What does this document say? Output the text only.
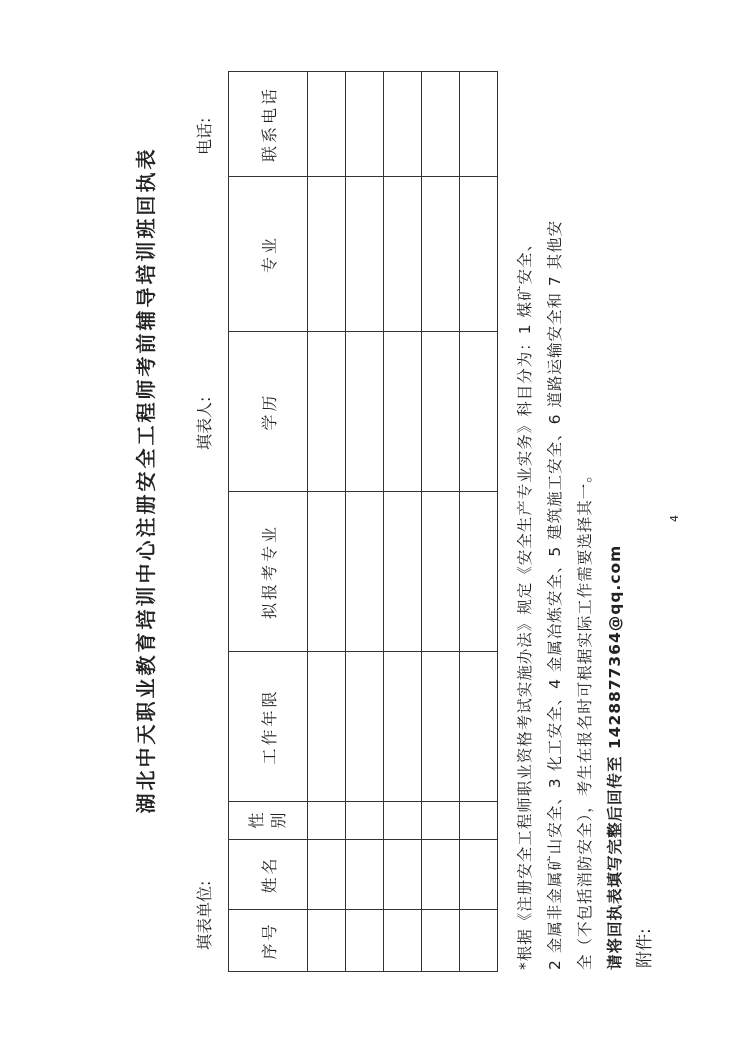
附件:
湖北中天职业教育培训中心注册安全工程师考前辅导培训班回执表
填表单位:
填表人:
电话:
序号	姓名	性 别	工作年限	拟报考专业	学历	专业	联系电话

*根据《注册安全工程师职业资格考试实施办法》规定《安全生产专业实务》科目分为：1 煤矿安全、 2 金属非金属矿山安全、3 化工安全、4 金属冶炼安全、5 建筑施工安全、6 道路运输安全和 7 其他安 全（不包括消防安全），考生在报名时可根据实际工作需要选择其一。 请将回执表填写完整后回传至 1428877364@qq.com

4
